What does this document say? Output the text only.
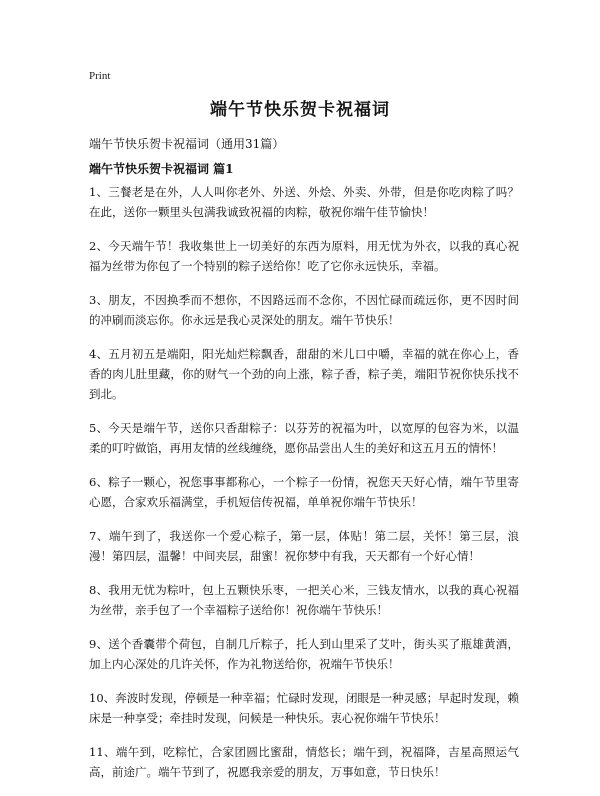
Print
端午节快乐贺卡祝福词
端午节快乐贺卡祝福词（通用31篇）
端午节快乐贺卡祝福词 篇1

1、三餐老是在外，人人叫你老外、外送、外烩、外卖、外带，但是你吃肉粽了吗？在此，送你一颗里头包满我诚致祝福的肉粽，敬祝你端午佳节愉快！

2、今天端午节！我收集世上一切美好的东西为原料，用无忧为外衣，以我的真心祝福为丝带为你包了一个特别的粽子送给你！吃了它你永远快乐，幸福。

3、朋友，不因换季而不想你，不因路远而不念你，不因忙碌而疏远你，更不因时间的冲刷而淡忘你。你永远是我心灵深处的朋友。端午节快乐！

4、五月初五是端阳，阳光灿烂粽飘香，甜甜的米儿口中嚼，幸福的就在你心上，香香的肉儿肚里藏，你的财气一个劲的向上涨，粽子香，粽子美，端阳节祝你快乐找不到北。

5、今天是端午节，送你只香甜粽子：以芬芳的祝福为叶，以宽厚的包容为米，以温柔的叮咛做馅，再用友情的丝线缠绕，愿你品尝出人生的美好和这五月五的情怀！

6、粽子一颗心，祝您事事都称心，一个粽子一份情，祝您天天好心情，端午节里寄心愿，合家欢乐福满堂，手机短信传祝福，单单祝你端午节快乐！

7、端午到了，我送你一个爱心粽子，第一层，体贴！第二层，关怀！第三层，浪漫！第四层，温馨！中间夹层，甜蜜！祝你梦中有我，天天都有一个好心情！

8、我用无忧为粽叶，包上五颗快乐枣，一把关心米，三钱友情水，以我的真心祝福为丝带，亲手包了一个幸福粽子送给你！祝你端午节快乐！

9、送个香囊带个荷包，自制几斤粽子，托人到山里采了艾叶，街头买了瓶雄黄酒，加上内心深处的几许关怀，作为礼物送给你，祝端午节快乐！

10、奔波时发现，停顿是一种幸福；忙碌时发现，闭眼是一种灵感；早起时发现，赖床是一种享受；牵挂时发现，问候是一种快乐。衷心祝你端午节快乐！

11、端午到，吃粽忙，合家团圆比蜜甜，情悠长；端午到，祝福降，吉星高照运气高，前途广。端午节到了，祝愿我亲爱的朋友，万事如意，节日快乐！
